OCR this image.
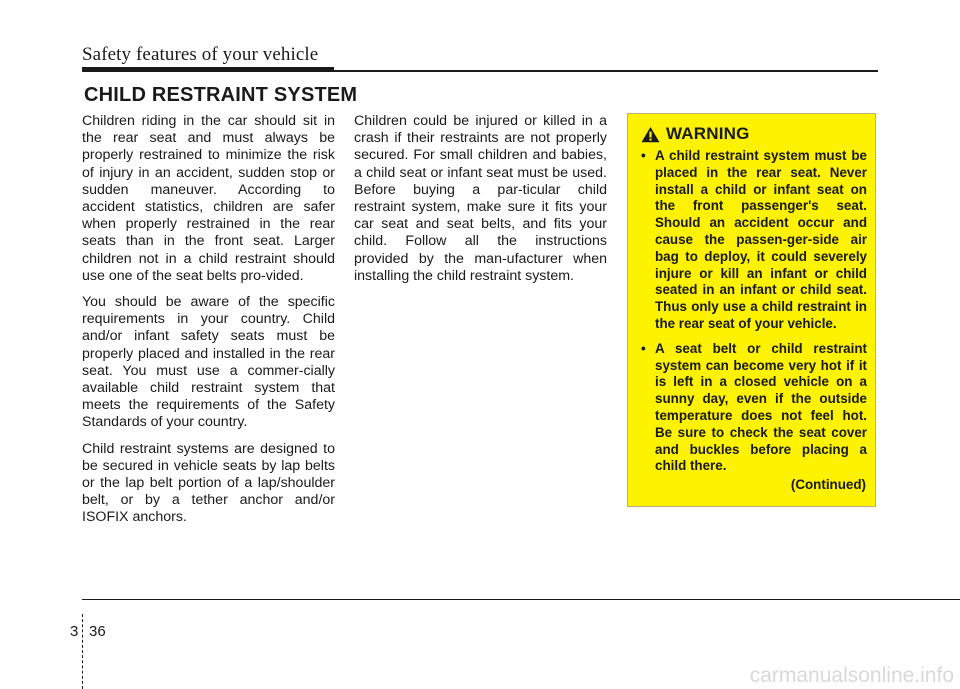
Safety features of your vehicle
CHILD RESTRAINT SYSTEM

Children riding in the car should sit in the rear seat and must always be properly restrained to minimize the risk of injury in an accident, sudden stop or sudden maneuver. According to accident statistics, children are safer when properly restrained in the rear seats than in the front seat. Larger children not in a child restraint should use one of the seat belts pro-vided.

You should be aware of the specific requirements in your country. Child and/or infant safety seats must be properly placed and installed in the rear seat. You must use a commer-cially available child restraint system that meets the requirements of the Safety Standards of your country.

Child restraint systems are designed to be secured in vehicle seats by lap belts or the lap belt portion of a lap/shoulder belt, or by a tether anchor and/or ISOFIX anchors.

Children could be injured or killed in a crash if their restraints are not properly secured. For small children and babies, a child seat or infant seat must be used. Before buying a par-ticular child restraint system, make sure it fits your car seat and seat belts, and fits your child. Follow all the instructions provided by the man-ufacturer when installing the child restraint system.

WARNING
• A child restraint system must be placed in the rear seat. Never install a child or infant seat on the front passenger's seat. Should an accident occur and cause the passen-ger-side air bag to deploy, it could severely injure or kill an infant or child seated in an infant or child seat. Thus only use a child restraint in the rear seat of your vehicle.
• A seat belt or child restraint system can become very hot if it is left in a closed vehicle on a sunny day, even if the outside temperature does not feel hot. Be sure to check the seat cover and buckles before placing a child there.
(Continued)
3 36
carmanualsonline.info
